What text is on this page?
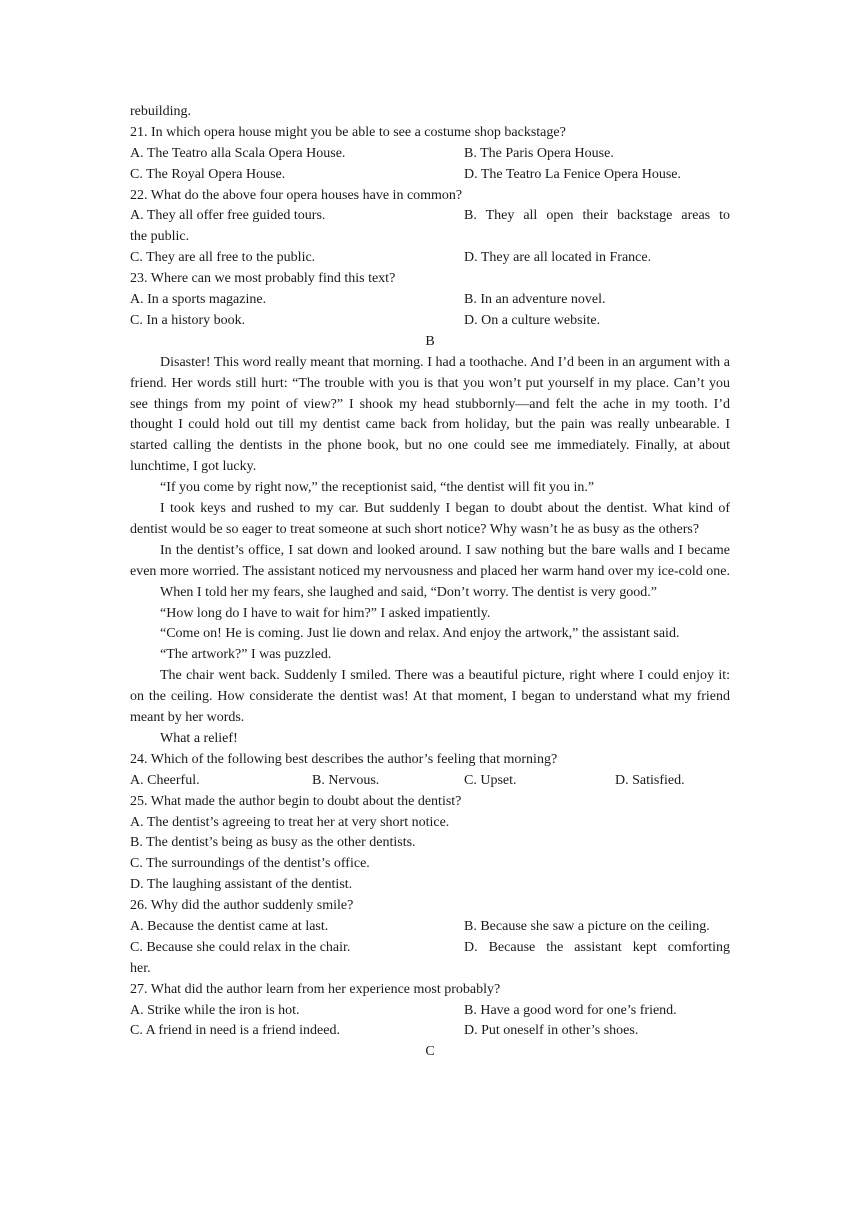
rebuilding.
21. In which opera house might you be able to see a costume shop backstage?
A. The Teatro alla Scala Opera House.	B. The Paris Opera House.
C. The Royal Opera House.	D. The Teatro La Fenice Opera House.
22. What do the above four opera houses have in common?
A. They all offer free guided tours.	B. They all open their backstage areas to
the public.
C. They are all free to the public.	D. They are all located in France.
23. Where can we most probably find this text?
A. In a sports magazine.	B. In an adventure novel.
C. In a history book.	D. On a culture website.
B

Disaster! This word really meant that morning. I had a toothache. And I’d been in an argument with a friend. Her words still hurt: “The trouble with you is that you won’t put yourself in my place. Can’t you see things from my point of view?” I shook my head stubbornly—and felt the ache in my tooth. I’d thought I could hold out till my dentist came back from holiday, but the pain was really unbearable. I started calling the dentists in the phone book, but no one could see me immediately. Finally, at about lunchtime, I got lucky.

“If you come by right now,” the receptionist said, “the dentist will fit you in.”

I took keys and rushed to my car. But suddenly I began to doubt about the dentist. What kind of dentist would be so eager to treat someone at such short notice? Why wasn’t he as busy as the others?

In the dentist’s office, I sat down and looked around. I saw nothing but the bare walls and I became even more worried. The assistant noticed my nervousness and placed her warm hand over my ice-cold one.

When I told her my fears, she laughed and said, “Don’t worry. The dentist is very good.”

“How long do I have to wait for him?” I asked impatiently.

“Come on! He is coming. Just lie down and relax. And enjoy the artwork,” the assistant said.

“The artwork?” I was puzzled.

The chair went back. Suddenly I smiled. There was a beautiful picture, right where I could enjoy it: on the ceiling. How considerate the dentist was! At that moment, I began to understand what my friend meant by her words.

What a relief!

24. Which of the following best describes the author’s feeling that morning?
A. Cheerful.	B. Nervous.	C. Upset.	D. Satisfied.
25. What made the author begin to doubt about the dentist?
A. The dentist’s agreeing to treat her at very short notice.
B. The dentist’s being as busy as the other dentists.
C. The surroundings of the dentist’s office.
D. The laughing assistant of the dentist.
26. Why did the author suddenly smile?
A. Because the dentist came at last.	B. Because she saw a picture on the ceiling.
C. Because she could relax in the chair.	D. Because the assistant kept comforting
her.
27. What did the author learn from her experience most probably?
A. Strike while the iron is hot.	B. Have a good word for one’s friend.
C. A friend in need is a friend indeed.	D. Put oneself in other’s shoes.
C
